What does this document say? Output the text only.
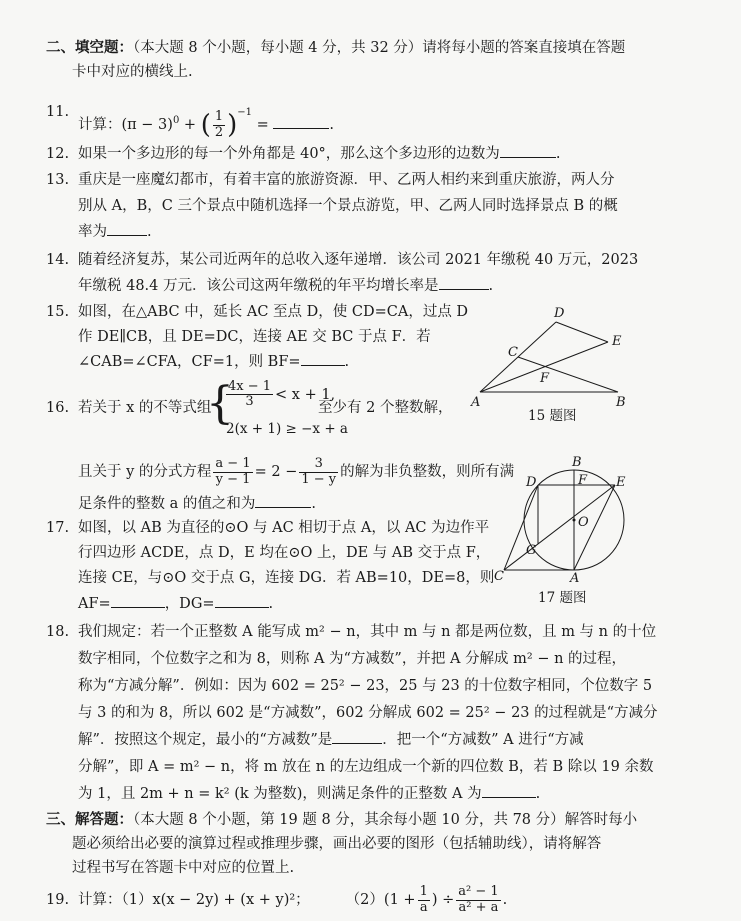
二、填空题：（本大题 8 个小题，每小题 4 分，共 32 分）请将每小题的答案直接填在答题
卡中对应的横线上.
11.
计算：$(\pi - 3)^0$ + ( $\frac{1}{2} )^{-1}$ =	.
12. 如果一个多边形的每一个外角都是 40°，那么这个多边形的边数为	.
13. 重庆是一座魔幻都市，有着丰富的旅游资源．甲、乙两人相约来到重庆旅游，两人分
别从 A，B，C 三个景点中随机选择一个景点游览，甲、乙两人同时选择景点 B 的概
率为	.
14. 随着经济复苏，某公司近两年的总收入逐年递增．该公司 2021 年缴税 40 万元，2023
年缴税 48.4 万元．该公司这两年缴税的年平均增长率是	.
15. 如图，在△ABC 中，延长 AC 至点 D，使 CD=CA，过点 D
作 DE∥CB，且 DE=DC，连接 AE 交 BC 于点 F．若
∠CAB=∠CFA，CF=1，则 BF=	.
A	B
C
D
E
F
15 题图
16. 若关于 x 的不等式组
{
$\frac{4x - 1}{3} < x + 1$,
2(x + 1) ≥ −x + a
至少有 2 个整数解，
且关于 y 的分式方程 $\frac{a - 1}{y - 1} = 2 - \frac{3}{1 - y}$ 的解为非负整数，则所有满
足条件的整数 a 的值之和为	.
B
D	E
F
O
G
C	A
17 题图
17. 如图，以 AB 为直径的⊙O 与 AC 相切于点 A，以 AC 为边作平
行四边形 ACDE，点 D，E 均在⊙O 上，DE 与 AB 交于点 F，
连接 CE，与⊙O 交于点 G，连接 DG．若 AB=10，DE=8，则
AF=	，DG=	.
18. 我们规定：若一个正整数 A 能写成 m² − n，其中 m 与 n 都是两位数，且 m 与 n 的十位
数字相同，个位数字之和为 8，则称 A 为“方减数”，并把 A 分解成 m² − n 的过程，
称为“方减分解”．例如：因为 602 = 25² − 23，25 与 23 的十位数字相同，个位数字 5
与 3 的和为 8，所以 602 是“方减数”，602 分解成 602 = 25² − 23 的过程就是“方减分
解”．按照这个规定，最小的“方减数”是	．把一个“方减数” A 进行“方减
分解”，即 A = m² − n，将 m 放在 n 的左边组成一个新的四位数 B，若 B 除以 19 余数
为 1，且 2m + n = k² (k 为整数)，则满足条件的正整数 A 为	.
三、解答题：（本大题 8 个小题，第 19 题 8 分，其余每小题 10 分，共 78 分）解答时每小
题必须给出必要的演算过程或推理步骤，画出必要的图形（包括辅助线），请将解答
过程书写在答题卡中对应的位置上.
19. 计算：（1）x(x − 2y) + (x + y)²； $(2)(1 + \frac{1}{a}$ ) ÷ $\frac{\text{a² − 1}}{\text{a² + a}}$ .
